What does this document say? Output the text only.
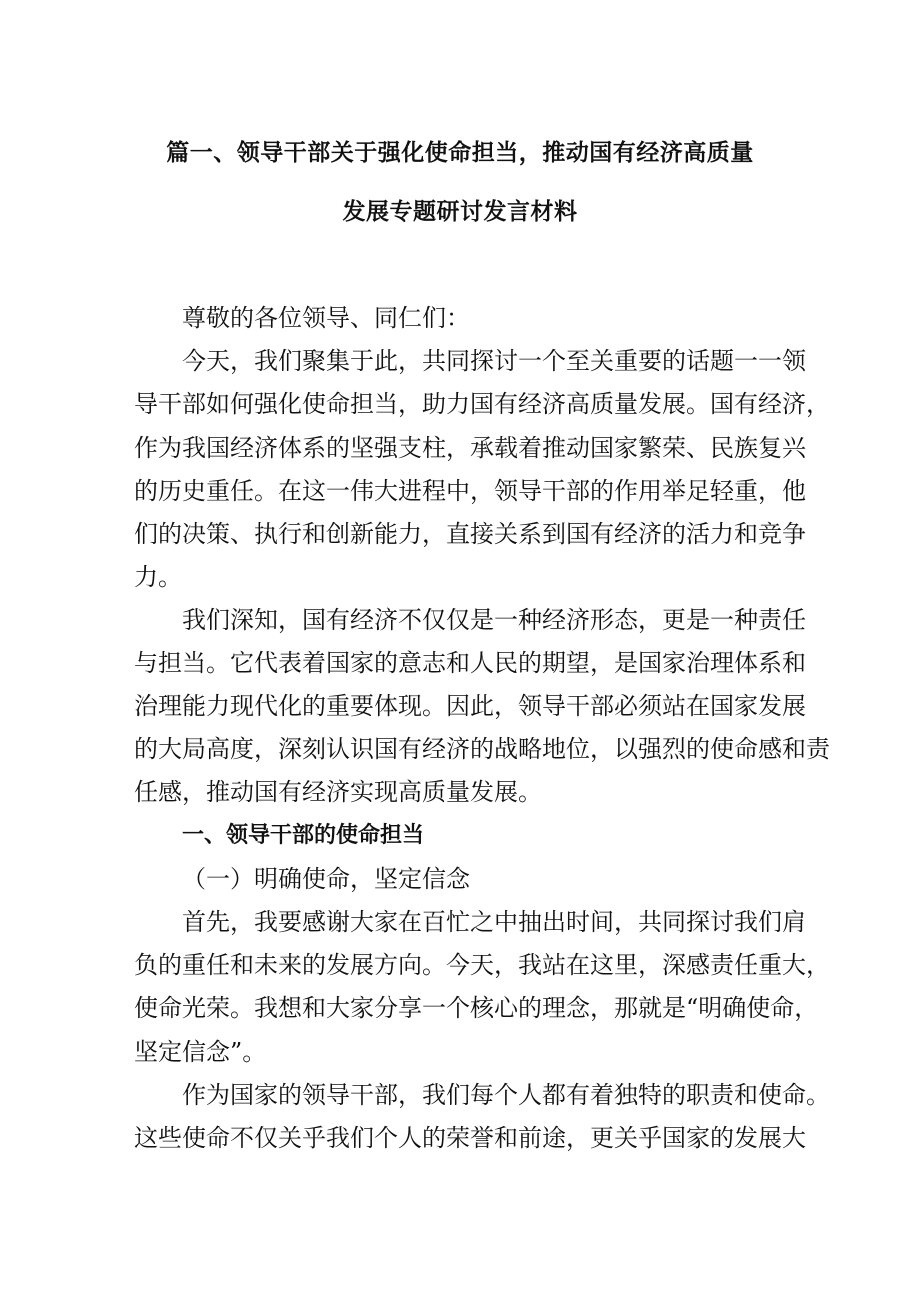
篇一、领导干部关于强化使命担当，推动国有经济高质量
发展专题研讨发言材料
尊敬的各位领导、同仁们：
今天，我们聚集于此，共同探讨一个至关重要的话题一一领
导干部如何强化使命担当，助力国有经济高质量发展。国有经济，
作为我国经济体系的坚强支柱，承载着推动国家繁荣、民族复兴
的历史重任。在这一伟大进程中，领导干部的作用举足轻重，他
们的决策、执行和创新能力，直接关系到国有经济的活力和竞争
力。
我们深知，国有经济不仅仅是一种经济形态，更是一种责任
与担当。它代表着国家的意志和人民的期望，是国家治理体系和
治理能力现代化的重要体现。因此，领导干部必须站在国家发展
的大局高度，深刻认识国有经济的战略地位，以强烈的使命感和责
任感，推动国有经济实现高质量发展。
一、领导干部的使命担当
（一）明确使命，坚定信念
首先，我要感谢大家在百忙之中抽出时间，共同探讨我们肩
负的重任和未来的发展方向。今天，我站在这里，深感责任重大，
使命光荣。我想和大家分享一个核心的理念，那就是“明确使命，
坚定信念”。
作为国家的领导干部，我们每个人都有着独特的职责和使命。
这些使命不仅关乎我们个人的荣誉和前途，更关乎国家的发展大
